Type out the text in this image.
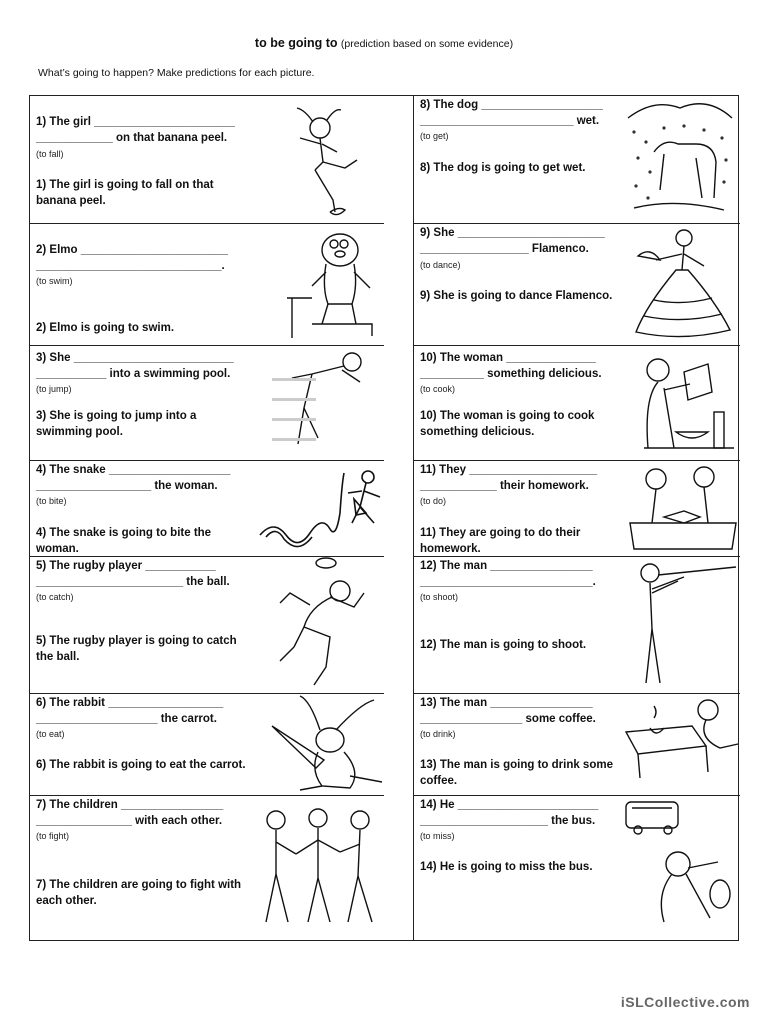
to be going to (prediction based on some evidence)
What’s going to happen? Make predictions for each picture.
1) The girl ______________________
____________ on that banana peel.
(to fall)
1) The girl is going to fall on that banana peel.
2) Elmo _______________________
_____________________________.
(to swim)
2) Elmo is going to swim.
3) She _________________________
___________ into a swimming pool.
(to jump)
3) She is going to jump into a swimming pool.
4) The snake ___________________
__________________ the woman.
(to bite)
4) The snake is going to bite the woman.
5) The rugby player ___________
_______________________ the ball.
(to catch)
5) The rugby player is going to catch the ball.
6) The rabbit __________________
___________________ the carrot.
(to eat)
6) The rabbit is going to eat the carrot.
7) The children ________________
_______________ with each other.
(to fight)
7) The children are going to fight with each other.
8) The dog ___________________
________________________ wet.
(to get)
8) The dog is going to get wet.
9) She _______________________
_________________ Flamenco.
(to dance)
9) She is going to dance Flamenco.
10) The woman ______________
__________ something delicious.
(to cook)
10) The woman is going to cook something delicious.
11) They ____________________
____________ their homework.
(to do)
11) They are going to do their homework.
12) The man ________________
___________________________.
(to shoot)
12) The man is going to shoot.
13) The man ________________
________________ some coffee.
(to drink)
13) The man is going to drink some coffee.
14) He ______________________
____________________ the bus.
(to miss)
14) He is going to miss the bus.
iSLCollective.com
